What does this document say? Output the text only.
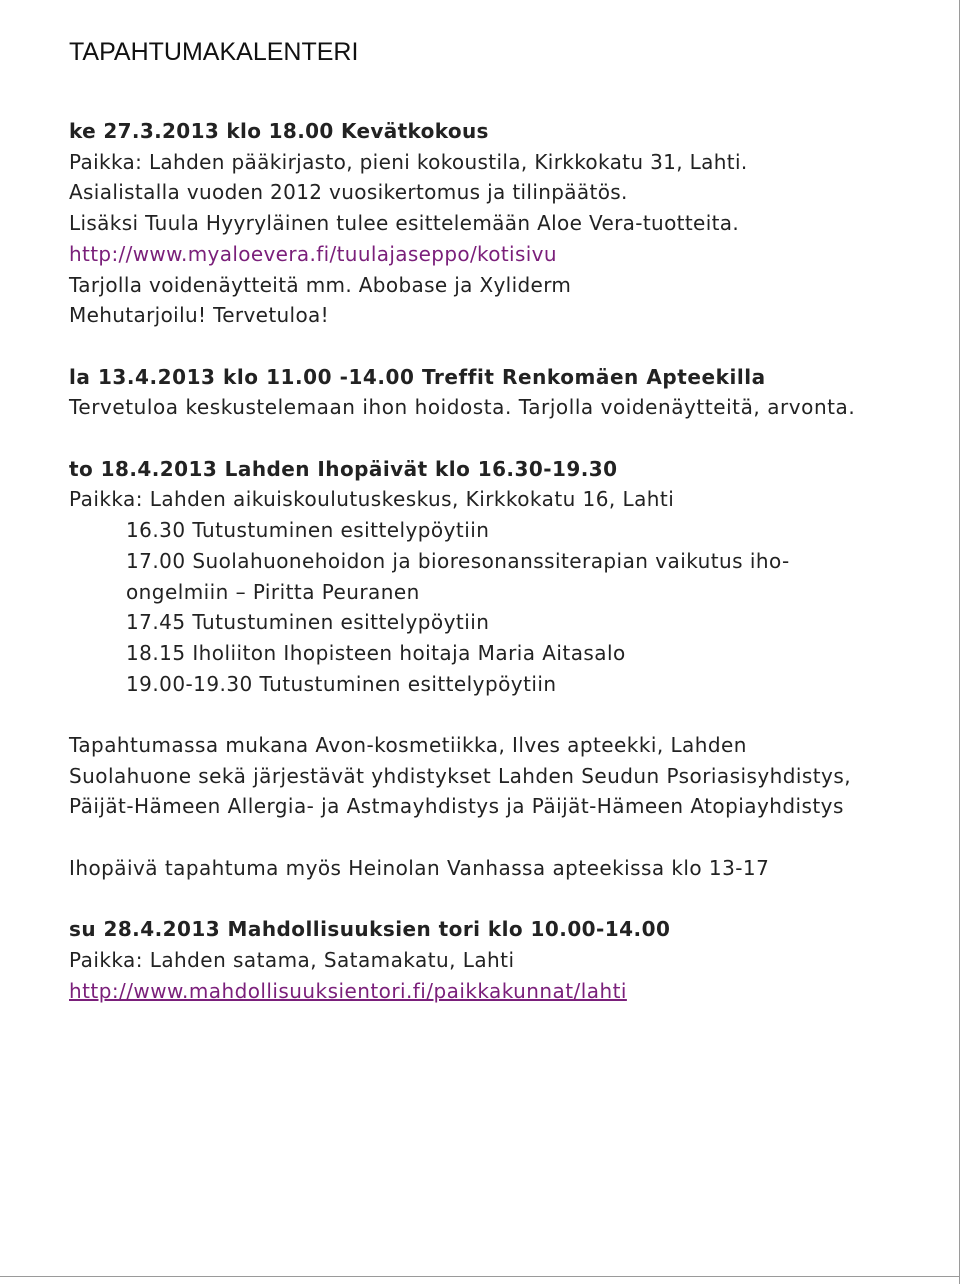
TAPAHTUMAKALENTERI
ke 27.3.2013 klo 18.00 Kevätkokous
Paikka: Lahden pääkirjasto, pieni kokoustila, Kirkkokatu 31, Lahti.
Asialistalla vuoden 2012 vuosikertomus ja tilinpäätös.
Lisäksi Tuula Hyyryläinen tulee esittelemään Aloe Vera-tuotteita.
http://www.myaloevera.fi/tuulajaseppo/kotisivu
Tarjolla voidenäytteitä mm. Abobase ja Xyliderm
Mehutarjoilu! Tervetuloa!
la 13.4.2013 klo 11.00 -14.00 Treffit Renkomäen Apteekilla
Tervetuloa keskustelemaan ihon hoidosta. Tarjolla voidenäytteitä, arvonta.
to 18.4.2013 Lahden Ihopäivät klo 16.30-19.30
Paikka: Lahden aikuiskoulutuskeskus, Kirkkokatu 16, Lahti
16.30 Tutustuminen esittelypöytiin
17.00 Suolahuonehoidon ja bioresonanssiterapian vaikutus iho-
ongelmiin – Piritta Peuranen
17.45 Tutustuminen esittelypöytiin
18.15 Iholiiton Ihopisteen hoitaja Maria Aitasalo
19.00-19.30 Tutustuminen esittelypöytiin
Tapahtumassa mukana Avon-kosmetiikka, Ilves apteekki, Lahden
Suolahuone sekä järjestävät yhdistykset Lahden Seudun Psoriasisyhdistys,
Päijät-Hämeen Allergia- ja Astmayhdistys ja Päijät-Hämeen Atopiayhdistys
Ihopäivä tapahtuma myös Heinolan Vanhassa apteekissa klo 13-17
su 28.4.2013 Mahdollisuuksien tori klo 10.00-14.00
Paikka: Lahden satama, Satamakatu, Lahti
http://www.mahdollisuuksientori.fi/paikkakunnat/lahti
